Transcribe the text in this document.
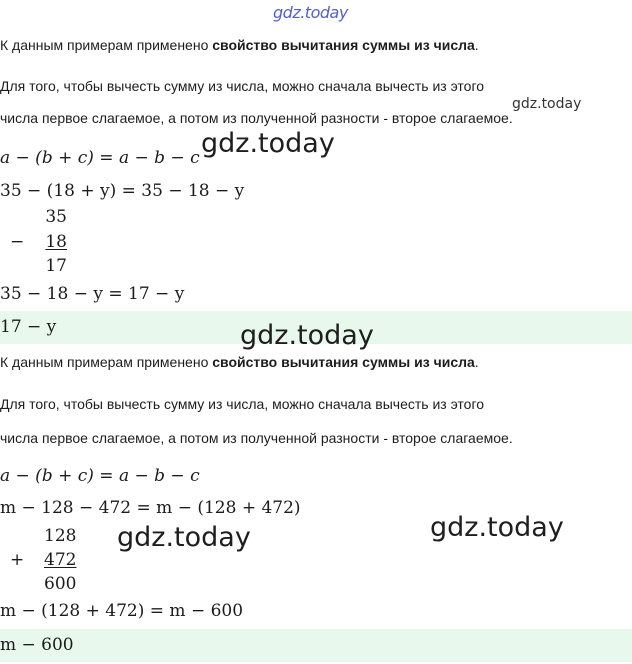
К данным примерам применено свойство вычитания суммы из числа.
Для того, чтобы вычесть сумму из числа, можно сначала вычесть из этого
числа первое слагаемое, а потом из полученной разности - второе слагаемое.
a − (b + c) = a − b − c
35 − (18 + y) = 35 − 18 − y
35
−	18
17
35 − 18 − y = 17 − y
17 − y
К данным примерам применено свойство вычитания суммы из числа.
Для того, чтобы вычесть сумму из числа, можно сначала вычесть из этого
числа первое слагаемое, а потом из полученной разности - второе слагаемое.
a − (b + c) = a − b − c
m − 128 − 472 = m − (128 + 472)
128
+ 472
600
m − (128 + 472) = m − 600
m − 600
gdz.today
gdz.today
gdz.today
gdz.today
gdz.today	gdz.today
